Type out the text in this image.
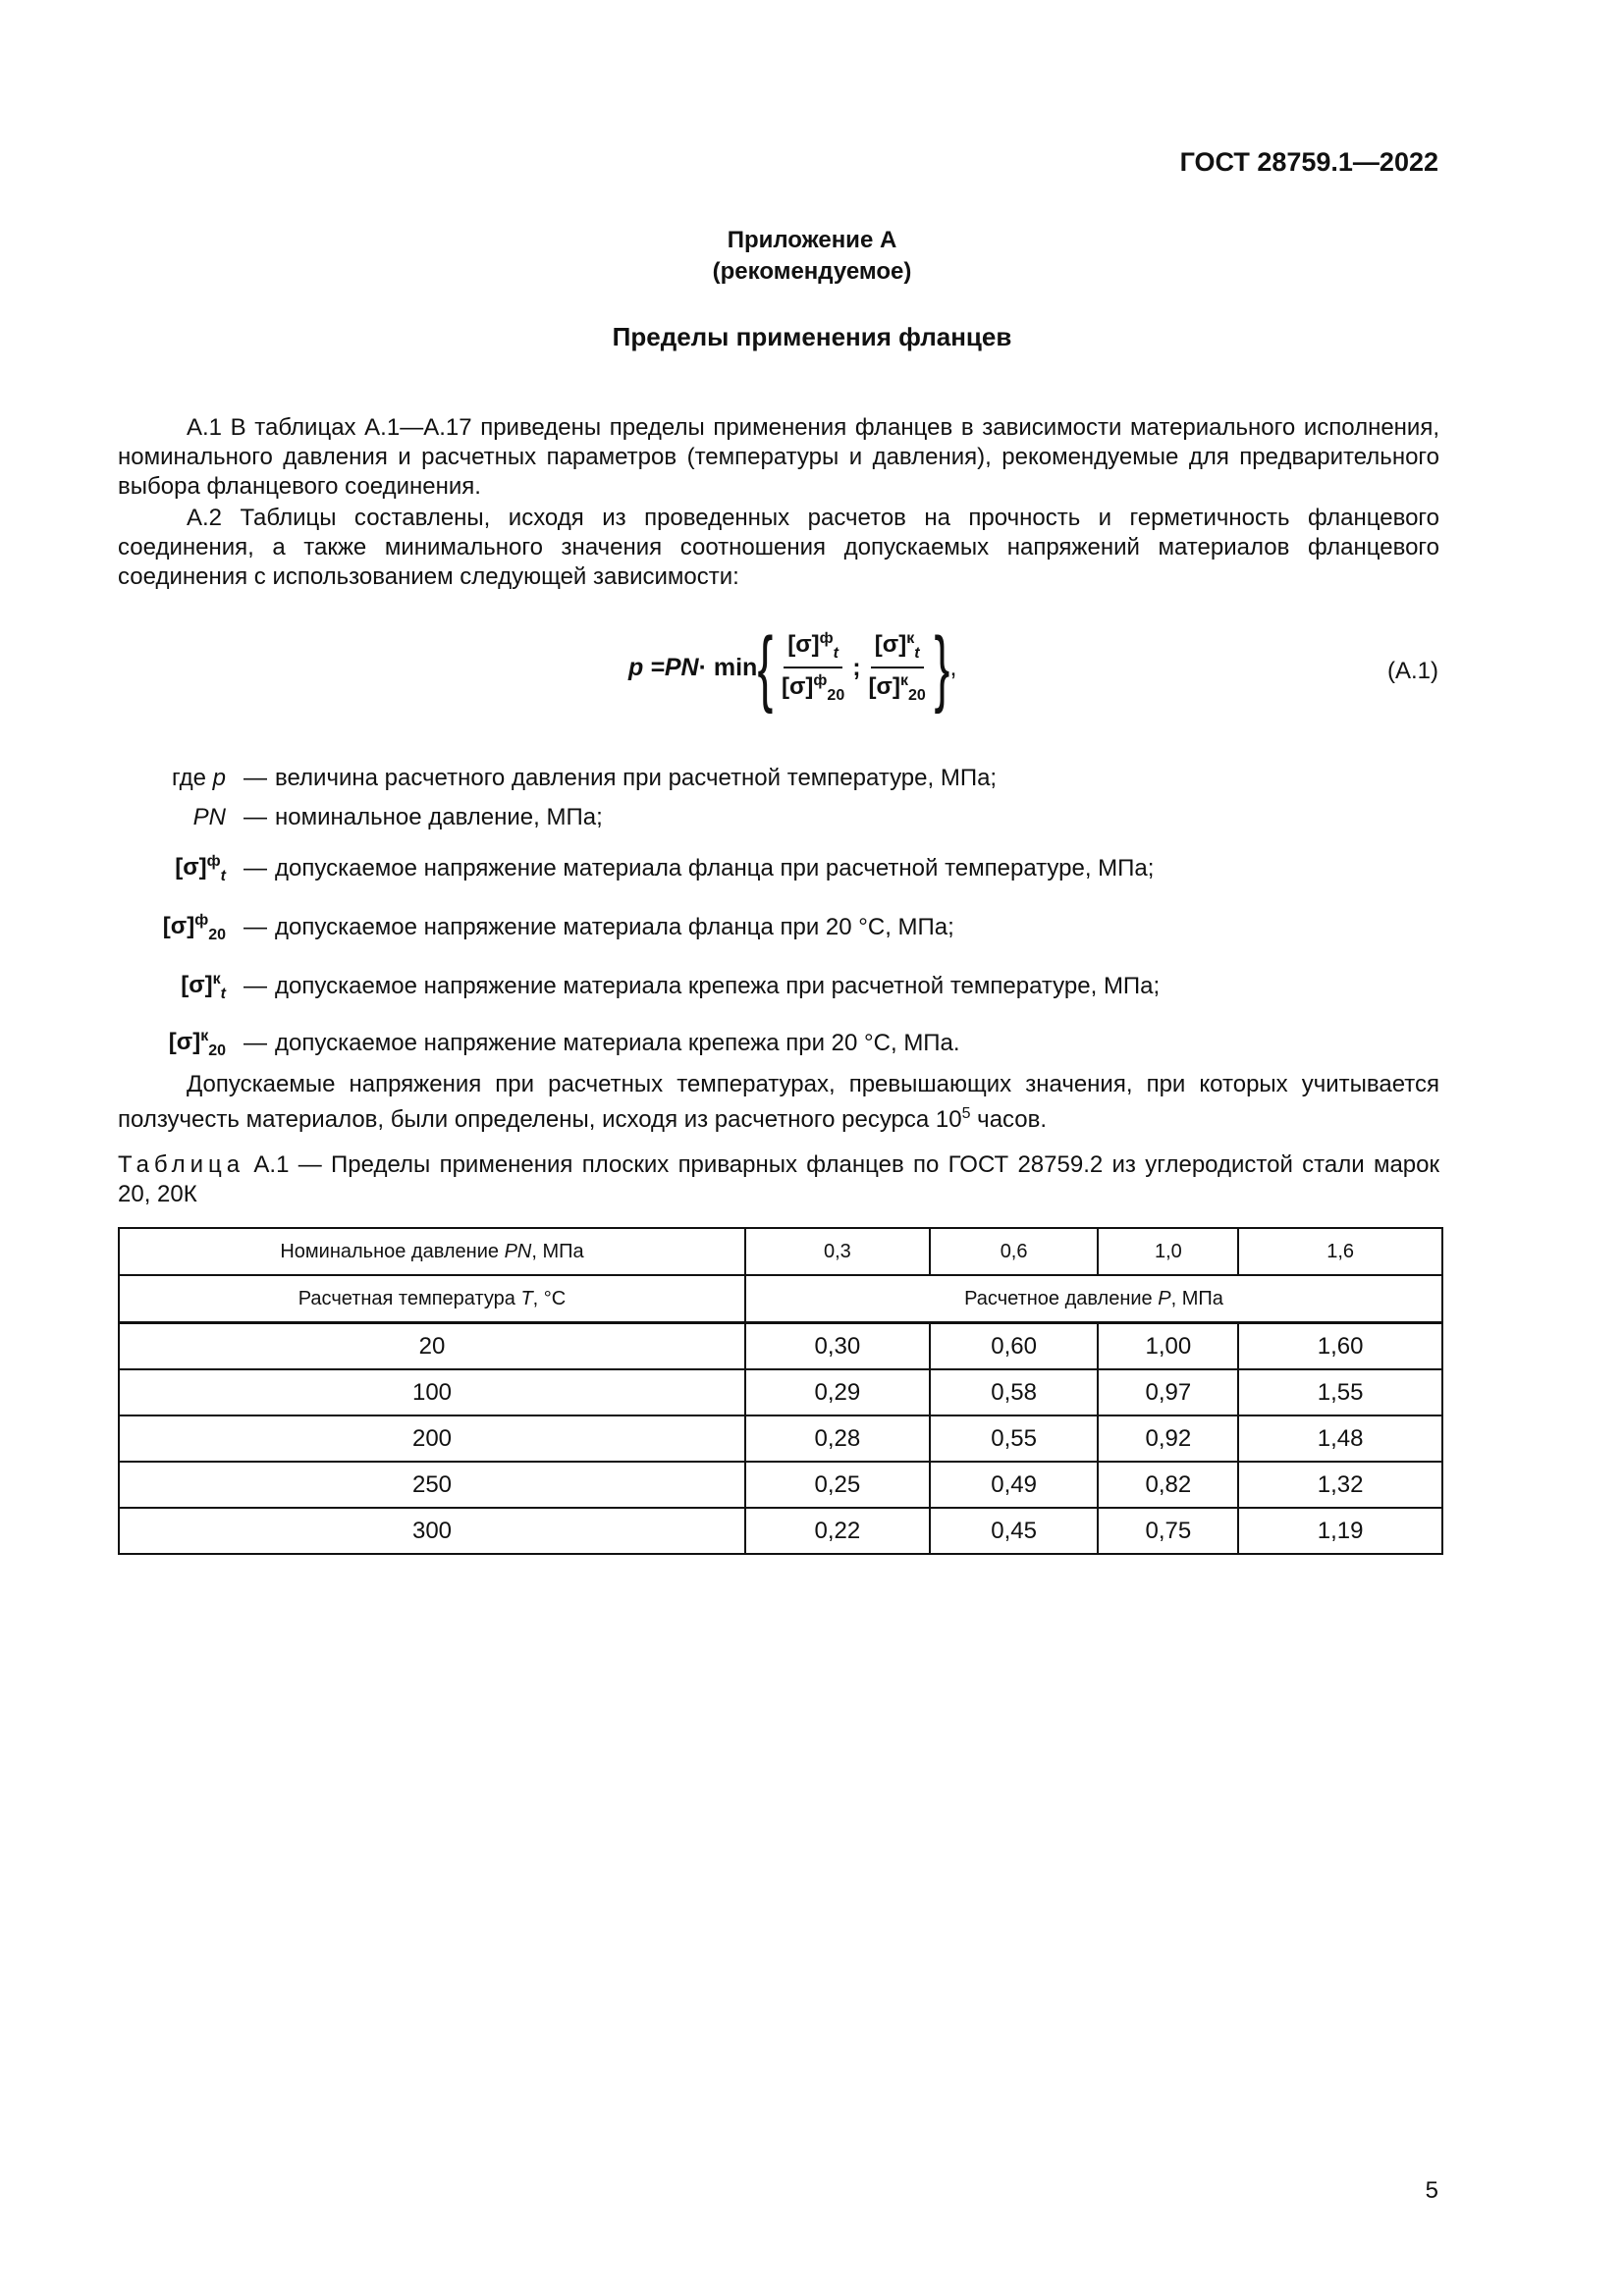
ГОСТ 28759.1—2022
Приложение А
(рекомендуемое)
Пределы применения фланцев
А.1 В таблицах А.1—А.17 приведены пределы применения фланцев в зависимости материального исполнения, номинального давления и расчетных параметров (температуры и давления), рекомендуемые для предварительного выбора фланцевого соединения.
А.2 Таблицы составлены, исходя из проведенных расчетов на прочность и герметичность фланцевого соединения, а также минимального значения соотношения допускаемых напряжений материалов фланцевого соединения с использованием следующей зависимости:
p = PN · min { $\frac{[\sigma]^ф_t}{[\sigma]^ф_{20}}$ ; $\frac{[\sigma]^к_t}{[\sigma]^к_{20}}$ } ,	(А.1)
где p — величина расчетного давления при расчетной температуре, МПа;
PN — номинальное давление, МПа;
$[\sigma]^ф_t$ — допускаемое напряжение материала фланца при расчетной температуре, МПа;
$[\sigma]^ф_{20}$ — допускаемое напряжение материала фланца при 20 °С, МПа;
$[\sigma]^к_t$ — допускаемое напряжение материала крепежа при расчетной температуре, МПа;
$[\sigma]^к_{20}$ — допускаемое напряжение материала крепежа при 20 °С, МПа.
Допускаемые напряжения при расчетных температурах, превышающих значения, при которых учитывается ползучесть материалов, были определены, исходя из расчетного ресурса $10^5$ часов.
Таблица А.1 — Пределы применения плоских приварных фланцев по ГОСТ 28759.2 из углеродистой стали марок 20, 20К
Номинальное давление PN, МПа	0,3	0,6	1,0	1,6
Расчетная температура T, °С	Расчетное давление P, МПа			
20	0,30	0,60	1,00	1,60
100	0,29	0,58	0,97	1,55
200	0,28	0,55	0,92	1,48
250	0,25	0,49	0,82	1,32
300	0,22	0,45	0,75	1,19
5
